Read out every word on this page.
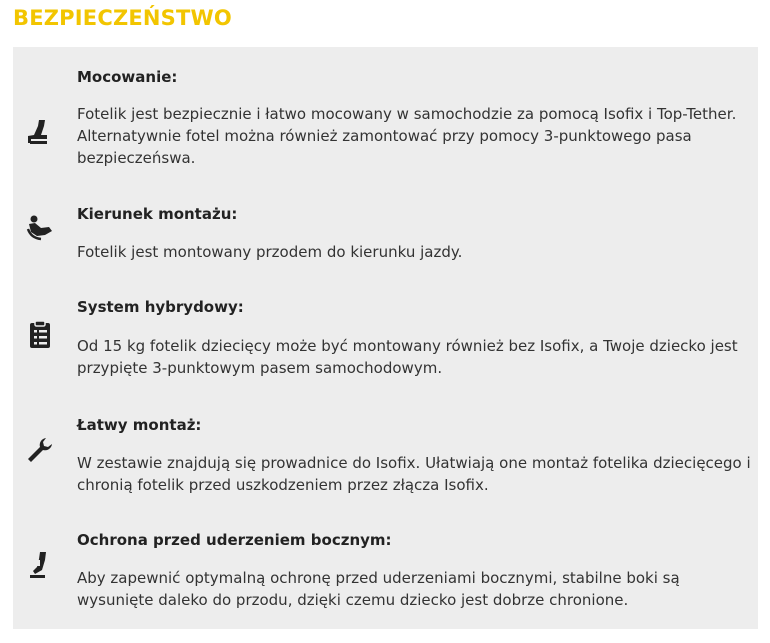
BEZPIECZEŃSTWO
Mocowanie:
Fotelik jest bezpiecznie i łatwo mocowany w samochodzie za pomocą Isofix i Top-Tether. Alternatywnie fotel można również zamontować przy pomocy 3-punktowego pasa bezpieczeńswa.
Kierunek montażu:
Fotelik jest montowany przodem do kierunku jazdy.
System hybrydowy:
Od 15 kg fotelik dziecięcy może być montowany również bez Isofix, a Twoje dziecko jest przypięte 3-punktowym pasem samochodowym.
Łatwy montaż:
W zestawie znajdują się prowadnice do Isofix. Ułatwiają one montaż fotelika dziecięcego i chronią fotelik przed uszkodzeniem przez złącza Isofix.
Ochrona przed uderzeniem bocznym:
Aby zapewnić optymalną ochronę przed uderzeniami bocznymi, stabilne boki są wysunięte daleko do przodu, dzięki czemu dziecko jest dobrze chronione.
